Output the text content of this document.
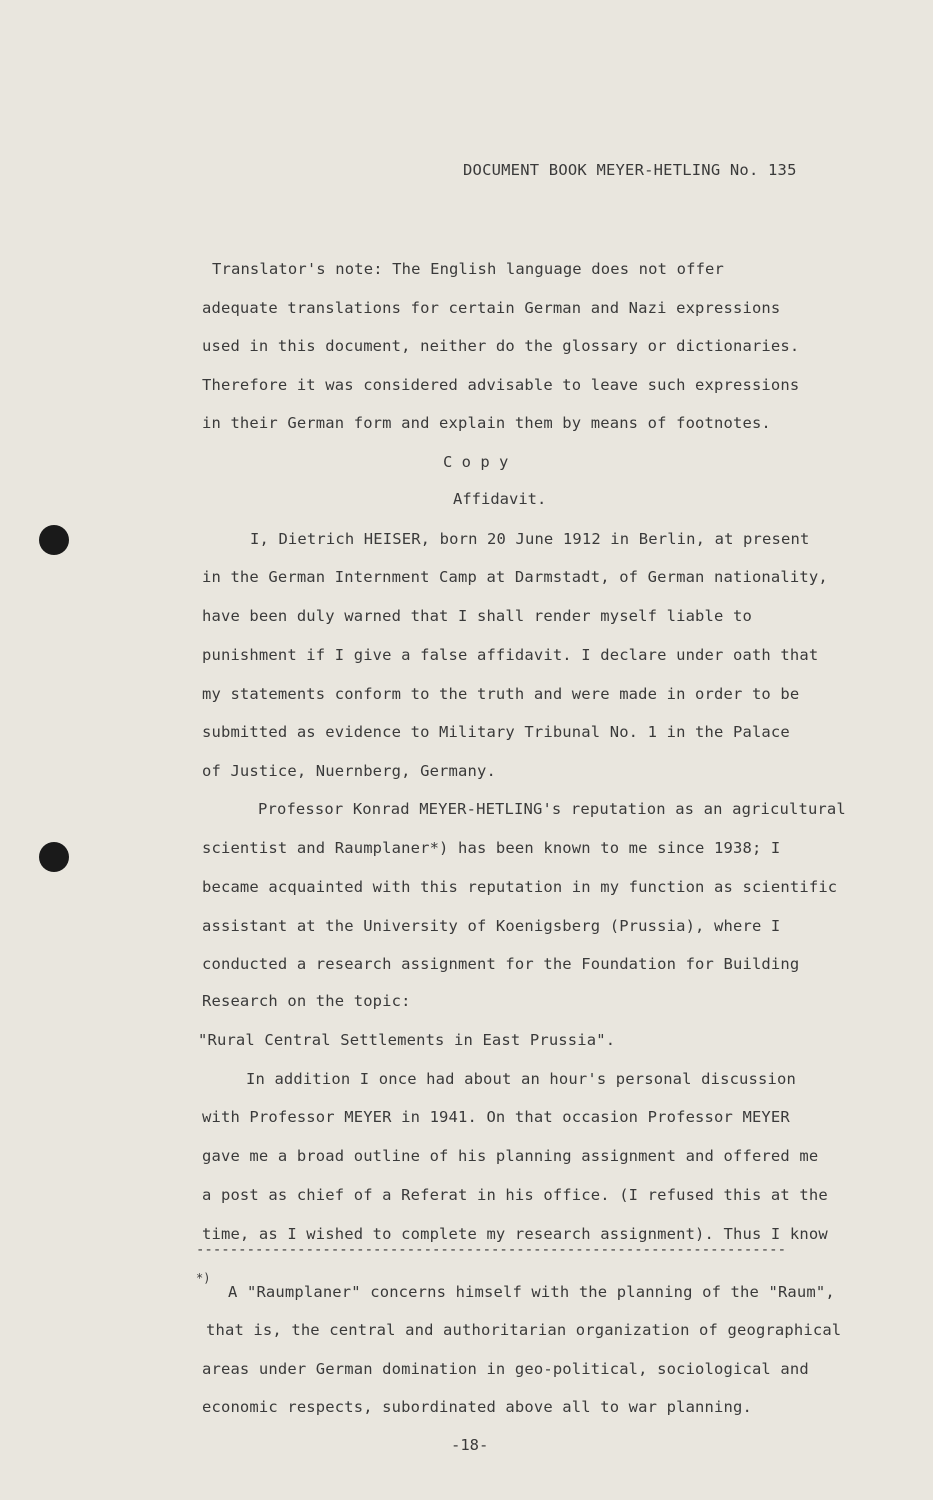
DOCUMENT BOOK MEYER-HETLING No. 135
Translator's note: The English language does not offer
adequate translations for certain German and Nazi expressions
used in this document, neither do the glossary or dictionaries.
Therefore it was considered advisable to leave such expressions
in their German form and explain them by means of footnotes.
C o p y
Affidavit.
I, Dietrich HEISER, born 20 June 1912 in Berlin, at present
in the German Internment Camp at Darmstadt, of German nationality,
have been duly warned that I shall render myself liable to
punishment if I give a false affidavit. I declare under oath that
my statements conform to the truth and were made in order to be
submitted as evidence to Military Tribunal No. 1 in the Palace
of Justice, Nuernberg, Germany.
Professor Konrad MEYER-HETLING's reputation as an agricultural
scientist and Raumplaner*) has been known to me since 1938; I
became acquainted with this reputation in my function as scientific
assistant at the University of Koenigsberg (Prussia), where I
conducted a research assignment for the Foundation for Building
Research on the topic:
"Rural Central Settlements in East Prussia".
In addition I once had about an hour's personal discussion
with Professor MEYER in 1941. On that occasion Professor MEYER
gave me a broad outline of his planning assignment and offered me
a post as chief of a Referat in his office. (I refused this at the
time, as I wished to complete my research assignment). Thus I know
----------------------------------------------------------------------
*)
A "Raumplaner" concerns himself with the planning of the "Raum",
that is, the central and authoritarian organization of geographical
areas under German domination in geo-political, sociological and
economic respects, subordinated above all to war planning.
-18-
